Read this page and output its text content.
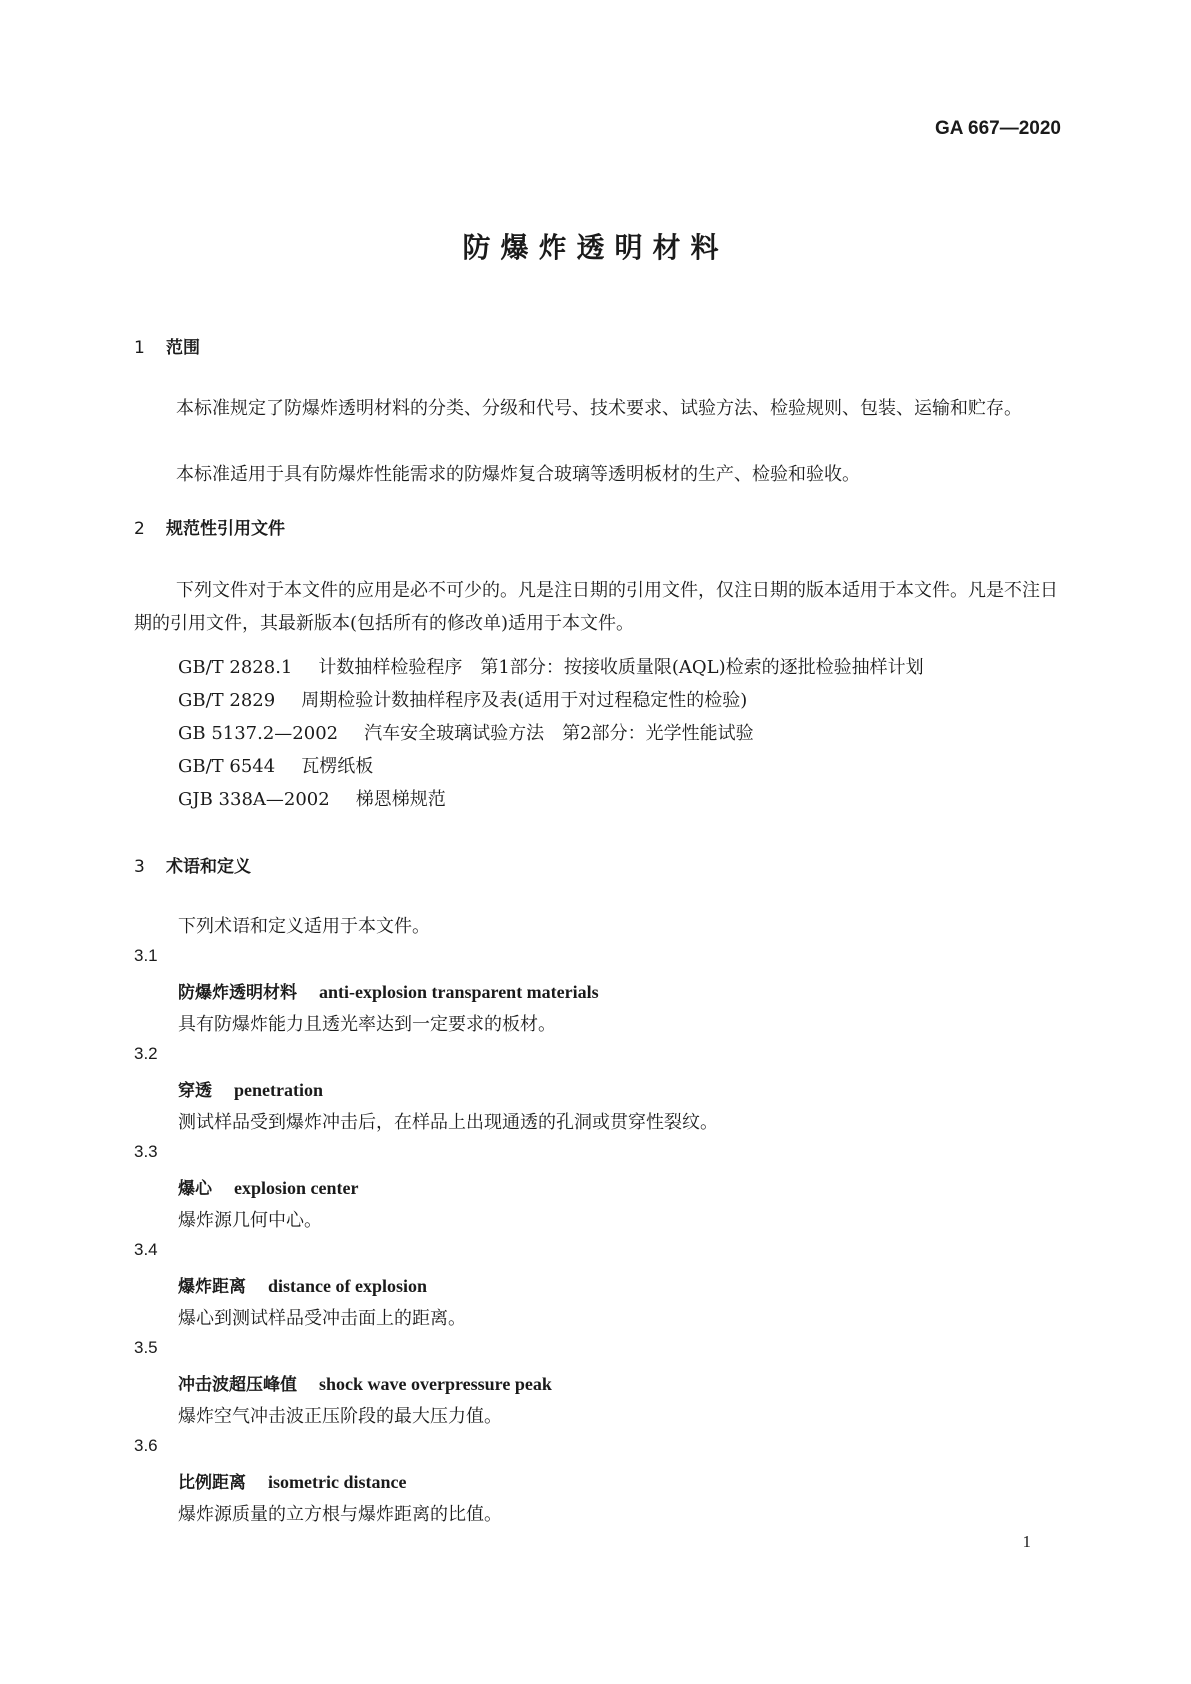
GA 667—2020
防爆炸透明材料
1 范围

本标准规定了防爆炸透明材料的分类、分级和代号、技术要求、试验方法、检验规则、包装、运输和贮存。

本标准适用于具有防爆炸性能需求的防爆炸复合玻璃等透明板材的生产、检验和验收。

2 规范性引用文件

下列文件对于本文件的应用是必不可少的。凡是注日期的引用文件，仅注日期的版本适用于本文件。凡是不注日期的引用文件，其最新版本(包括所有的修改单)适用于本文件。

GB/T 2828.1 计数抽样检验程序　第1部分：按接收质量限(AQL)检索的逐批检验抽样计划
GB/T 2829 周期检验计数抽样程序及表(适用于对过程稳定性的检验)
GB 5137.2—2002 汽车安全玻璃试验方法　第2部分：光学性能试验
GB/T 6544 瓦楞纸板
GJB 338A—2002 梯恩梯规范
3 术语和定义
下列术语和定义适用于本文件。
3.1
防爆炸透明材料 anti-explosion transparent materials
具有防爆炸能力且透光率达到一定要求的板材。
3.2
穿透 penetration
测试样品受到爆炸冲击后，在样品上出现通透的孔洞或贯穿性裂纹。
3.3
爆心 explosion center
爆炸源几何中心。
3.4
爆炸距离 distance of explosion
爆心到测试样品受冲击面上的距离。
3.5
冲击波超压峰值 shock wave overpressure peak
爆炸空气冲击波正压阶段的最大压力值。
3.6
比例距离 isometric distance
爆炸源质量的立方根与爆炸距离的比值。
1
